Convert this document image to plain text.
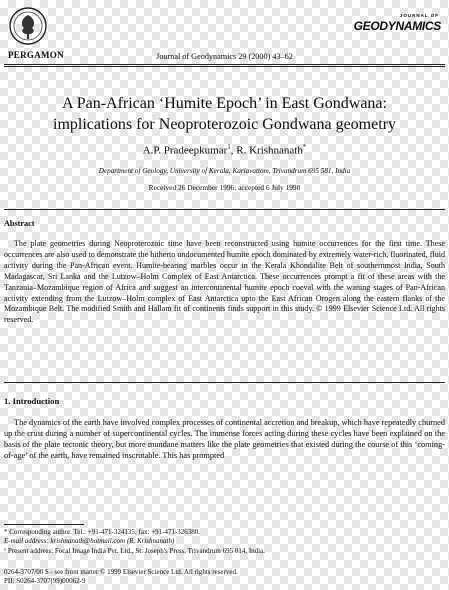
PERGAMON	Journal of Geodynamics 29 (2000) 43–62
JOURNAL OF
GEODYNAMICS
A Pan-African ‘Humite Epoch’ in East Gondwana:
implications for Neoproterozoic Gondwana geometry
A.P. Pradeepkumar$^1$, R. Krishnanath*
Department of Geology, University of Kerala, Kariavattom, Trivandrum 695 581, India
Received 26 December 1996; accepted 6 July 1998
Abstract
The plate geometries during Neoproterozoic time have been reconstructed using humite occurrences for the first time. These occurrences are also used to demonstrate the hitherto undocumented humite epoch dominated by extremely water-rich, fluorinated, fluid activity during the Pan-African event. Humite-bearing marbles occur in the Kerala Khondalite Belt of southernmost India, South Madagascar, Sri Lanka and the Lutzow–Holm Complex of East Antarctica. These occurrences prompt a fit of these areas with the Tanzania–Mozambique region of Africa and suggest an intercontinental humite epoch coeval with the waning stages of Pan-African activity extending from the Lutzow–Holm complex of East Antarctica upto the East African Orogen along the eastern flanks of the Mozambique Belt. The modified Smith and Hallam fit of continents finds support in this study. © 1999 Elsevier Science Ltd. All rights reserved.
1. Introduction
The dynamics of the earth have involved complex processes of continental accretion and breakup, which have repeatedly churned up the crust during a number of supercontinental cycles. The immense forces acting during these cycles have been explained on the basis of the plate tectonic theory, but more mundane matters like the plate geometries that existed during the course of this ‘coming-of-age’ of the earth, have remained inscrutable. This has prompted
* Corresponding author. Tel.: +91-471-324135; fax: +91-471-326380.
E-mail address: krishnanath@hotmail.com (R. Krishnanath)
¹ Present address: Focal Image India Pvt. Ltd., St. Joseph's Press, Trivandrum 695 014, India.
0264-3707/00 $ - see front matter © 1999 Elsevier Science Ltd. All rights reserved.
PII: S0264-3707(99)00062-9
